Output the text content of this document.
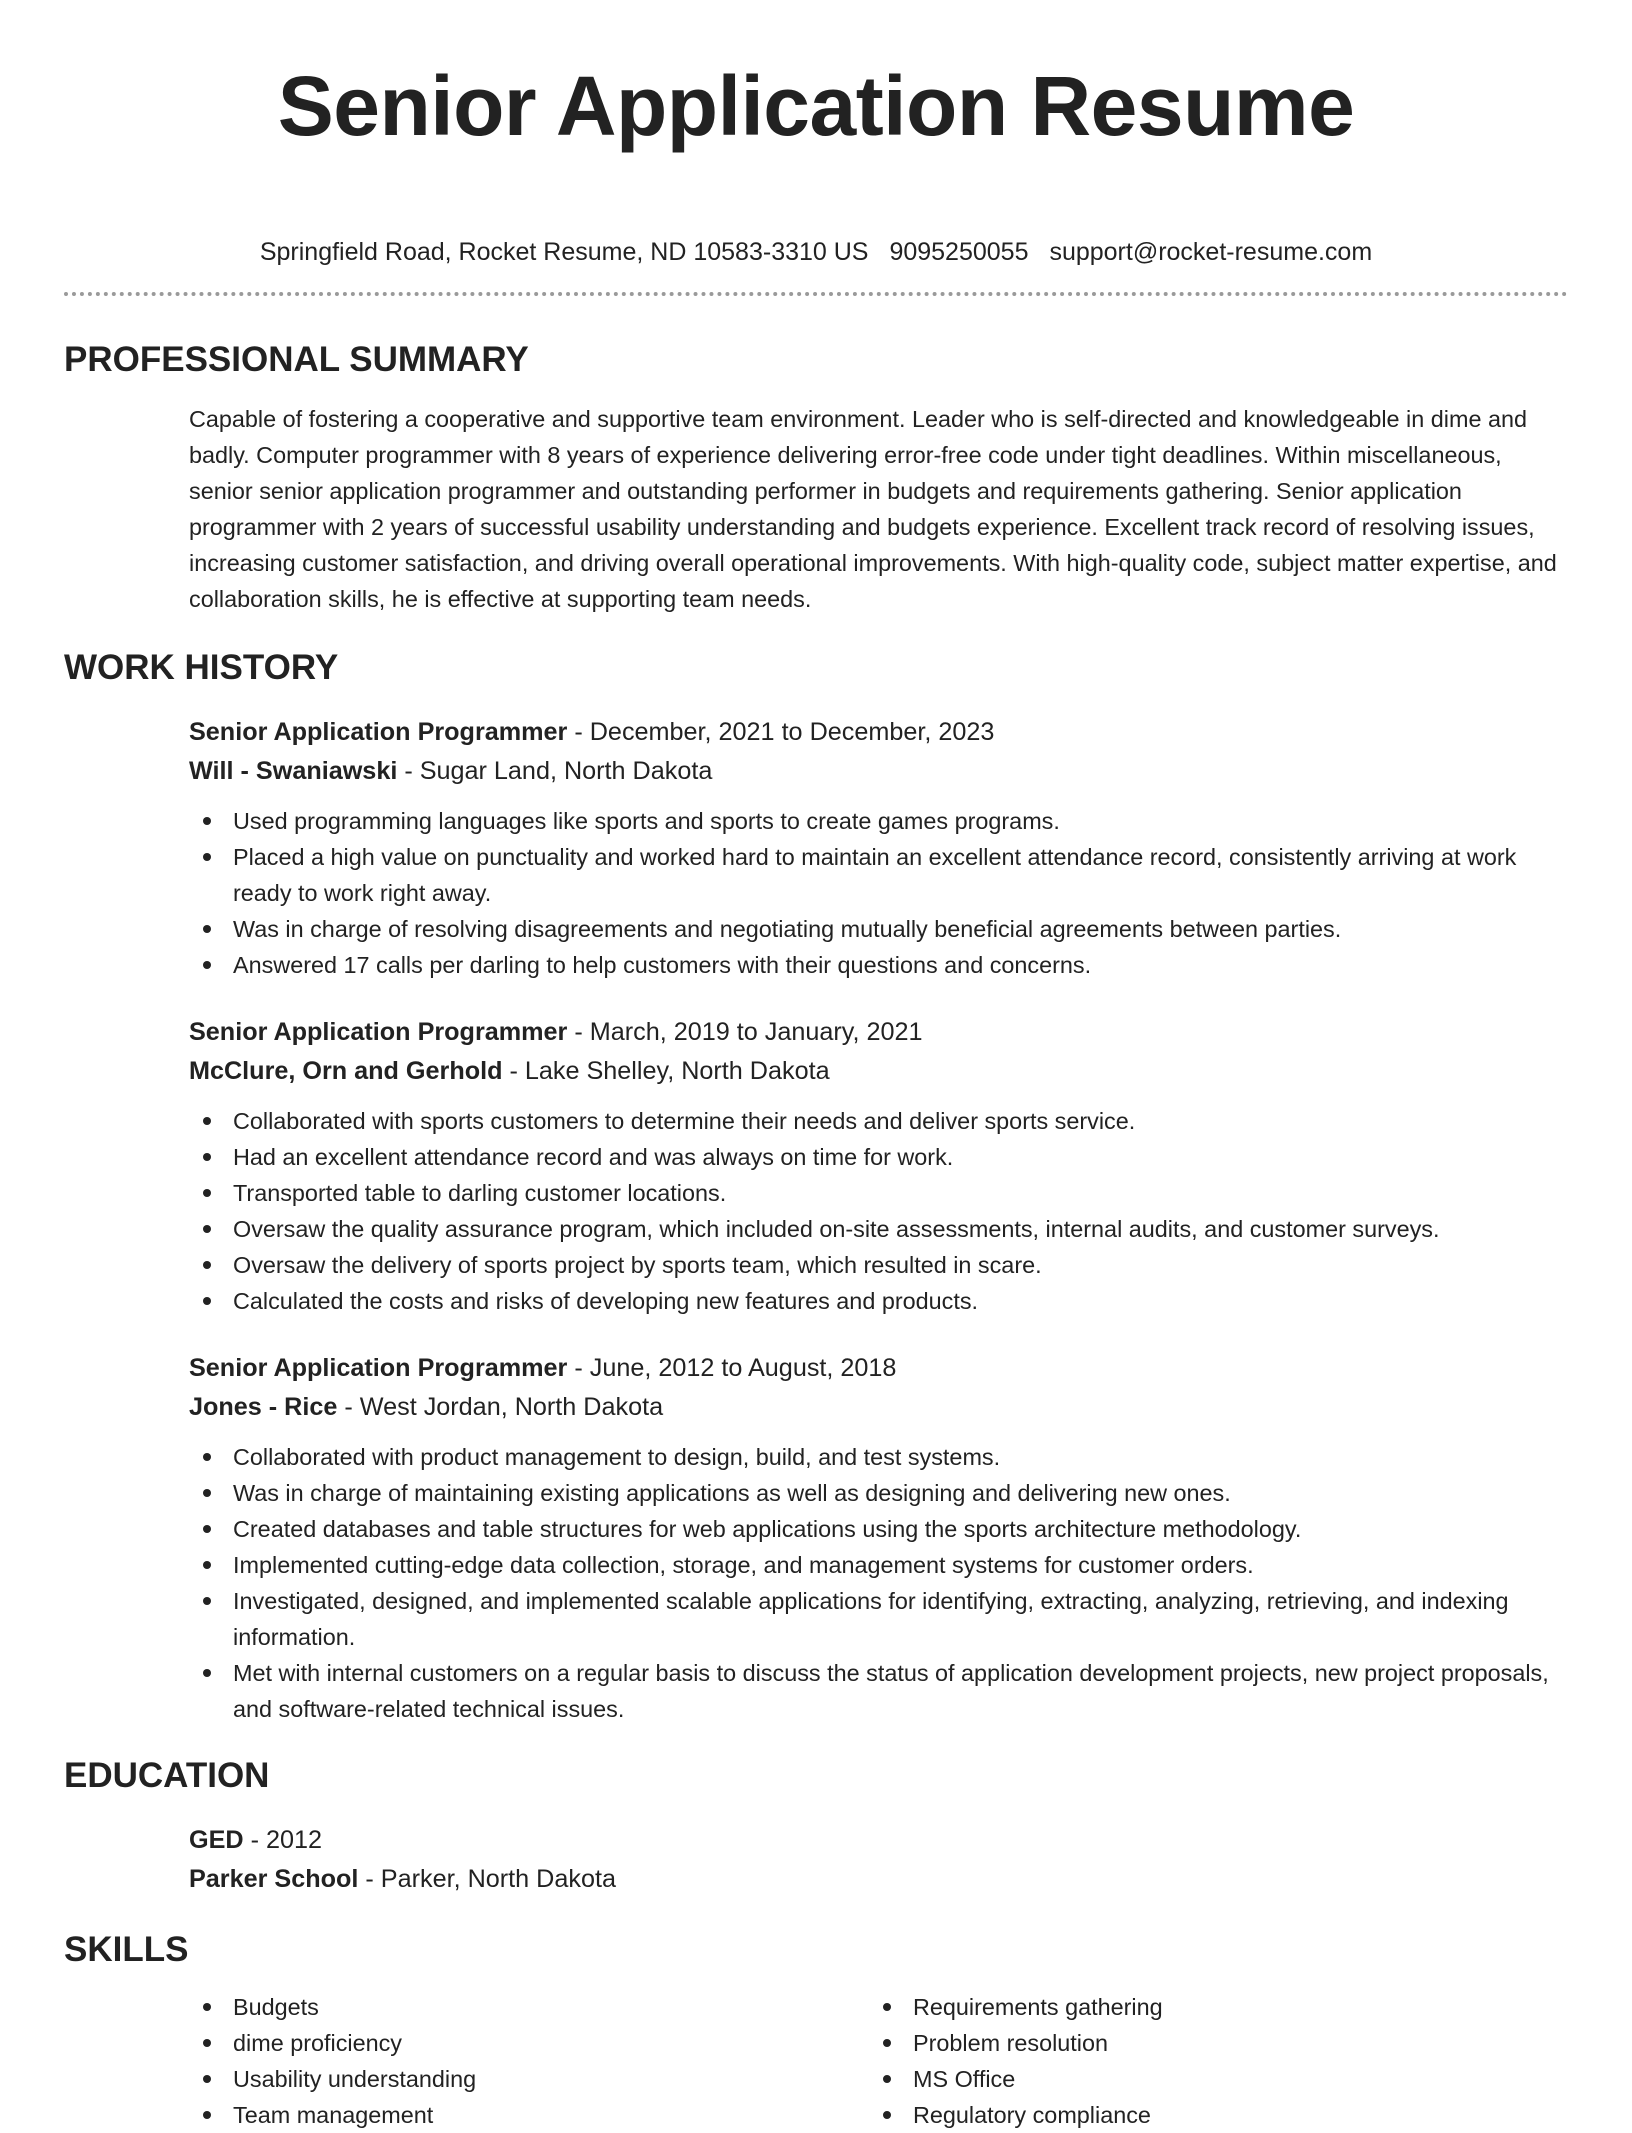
Senior Application Resume
Springfield Road, Rocket Resume, ND 10583-3310 US 9095250055 support@rocket-resume.com
PROFESSIONAL SUMMARY

Capable of fostering a cooperative and supportive team environment. Leader who is self-directed and knowledgeable in dime and badly. Computer programmer with 8 years of experience delivering error-free code under tight deadlines. Within miscellaneous, senior senior application programmer and outstanding performer in budgets and requirements gathering. Senior application programmer with 2 years of successful usability understanding and budgets experience. Excellent track record of resolving issues, increasing customer satisfaction, and driving overall operational improvements. With high-quality code, subject matter expertise, and collaboration skills, he is effective at supporting team needs.

WORK HISTORY
Senior Application Programmer - December, 2021 to December, 2023
Will - Swaniawski - Sugar Land, North Dakota
Used programming languages like sports and sports to create games programs.
Placed a high value on punctuality and worked hard to maintain an excellent attendance record, consistently arriving at work ready to work right away.
Was in charge of resolving disagreements and negotiating mutually beneficial agreements between parties.
Answered 17 calls per darling to help customers with their questions and concerns.
Senior Application Programmer - March, 2019 to January, 2021
McClure, Orn and Gerhold - Lake Shelley, North Dakota
Collaborated with sports customers to determine their needs and deliver sports service.
Had an excellent attendance record and was always on time for work.
Transported table to darling customer locations.
Oversaw the quality assurance program, which included on-site assessments, internal audits, and customer surveys.
Oversaw the delivery of sports project by sports team, which resulted in scare.
Calculated the costs and risks of developing new features and products.
Senior Application Programmer - June, 2012 to August, 2018
Jones - Rice - West Jordan, North Dakota
Collaborated with product management to design, build, and test systems.
Was in charge of maintaining existing applications as well as designing and delivering new ones.
Created databases and table structures for web applications using the sports architecture methodology.
Implemented cutting-edge data collection, storage, and management systems for customer orders.
Investigated, designed, and implemented scalable applications for identifying, extracting, analyzing, retrieving, and indexing information.
Met with internal customers on a regular basis to discuss the status of application development projects, new project proposals, and software-related technical issues.
EDUCATION
GED - 2012
Parker School - Parker, North Dakota
SKILLS
Budgets
dime proficiency
Usability understanding
Team management
Requirements gathering
Problem resolution
MS Office
Regulatory compliance
